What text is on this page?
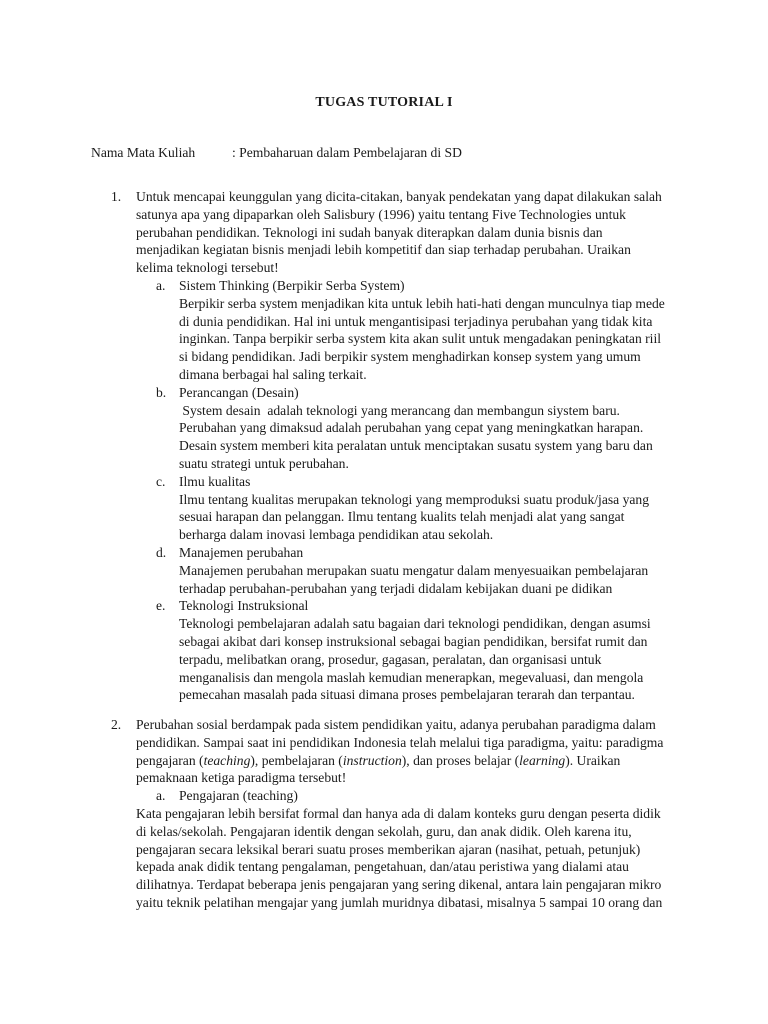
TUGAS TUTORIAL I
Nama Mata Kuliah	: Pembaharuan dalam Pembelajaran di SD
1. Untuk mencapai keunggulan yang dicita-citakan, banyak pendekatan yang dapat dilakukan salah
satunya apa yang dipaparkan oleh Salisbury (1996) yaitu tentang Five Technologies untuk
perubahan pendidikan. Teknologi ini sudah banyak diterapkan dalam dunia bisnis dan
menjadikan kegiatan bisnis menjadi lebih kompetitif dan siap terhadap perubahan. Uraikan
kelima teknologi tersebut!
a. Sistem Thinking (Berpikir Serba System)
Berpikir serba system menjadikan kita untuk lebih hati-hati dengan munculnya tiap mede
di dunia pendidikan. Hal ini untuk mengantisipasi terjadinya perubahan yang tidak kita
inginkan. Tanpa berpikir serba system kita akan sulit untuk mengadakan peningkatan riil
si bidang pendidikan. Jadi berpikir system menghadirkan konsep system yang umum
dimana berbagai hal saling terkait.
b. Perancangan (Desain)
System desain  adalah teknologi yang merancang dan membangun siystem baru.
Perubahan yang dimaksud adalah perubahan yang cepat yang meningkatkan harapan.
Desain system memberi kita peralatan untuk menciptakan susatu system yang baru dan
suatu strategi untuk perubahan.
c. Ilmu kualitas
Ilmu tentang kualitas merupakan teknologi yang memproduksi suatu produk/jasa yang
sesuai harapan dan pelanggan. Ilmu tentang kualits telah menjadi alat yang sangat
berharga dalam inovasi lembaga pendidikan atau sekolah.
d. Manajemen perubahan
Manajemen perubahan merupakan suatu mengatur dalam menyesuaikan pembelajaran
terhadap perubahan-perubahan yang terjadi didalam kebijakan duani pe didikan
e. Teknologi Instruksional
Teknologi pembelajaran adalah satu bagaian dari teknologi pendidikan, dengan asumsi
sebagai akibat dari konsep instruksional sebagai bagian pendidikan, bersifat rumit dan
terpadu, melibatkan orang, prosedur, gagasan, peralatan, dan organisasi untuk
menganalisis dan mengola maslah kemudian menerapkan, megevaluasi, dan mengola
pemecahan masalah pada situasi dimana proses pembelajaran terarah dan terpantau.
2. Perubahan sosial berdampak pada sistem pendidikan yaitu, adanya perubahan paradigma dalam
pendidikan. Sampai saat ini pendidikan Indonesia telah melalui tiga paradigma, yaitu: paradigma
pengajaran (teaching), pembelajaran (instruction), dan proses belajar (learning). Uraikan
pemaknaan ketiga paradigma tersebut!
a. Pengajaran (teaching)
Kata pengajaran lebih bersifat formal dan hanya ada di dalam konteks guru dengan peserta didik
di kelas/sekolah. Pengajaran identik dengan sekolah, guru, dan anak didik. Oleh karena itu,
pengajaran secara leksikal berari suatu proses memberikan ajaran (nasihat, petuah, petunjuk)
kepada anak didik tentang pengalaman, pengetahuan, dan/atau peristiwa yang dialami atau
dilihatnya. Terdapat beberapa jenis pengajaran yang sering dikenal, antara lain pengajaran mikro
yaitu teknik pelatihan mengajar yang jumlah muridnya dibatasi, misalnya 5 sampai 10 orang dan
